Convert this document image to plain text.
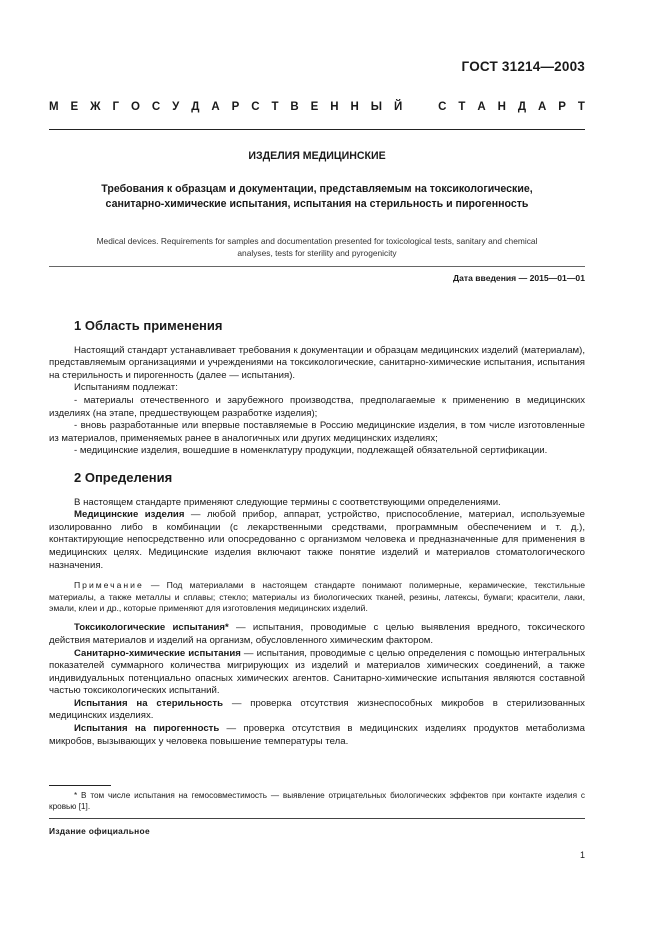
ГОСТ 31214—2003
М Е Ж Г О С У Д А Р С Т В Е Н Н Ы Й
	С Т А Н Д А Р Т
ИЗДЕЛИЯ МЕДИЦИНСКИЕ
Требования к образцам и документации, представляемым на токсикологические,
санитарно-химические испытания, испытания на стерильность и пирогенность
Medical devices. Requirements for samples and documentation presented for toxicological tests, sanitary and chemical
analyses, tests for sterility and pyrogenicity
Дата введения — 2015—01—01
1 Область применения

Настоящий стандарт устанавливает требования к документации и образцам медицинских изделий (материалам), представляемым организациями и учреждениями на токсикологические, санитарно-химические испытания, испытания на стерильность и пирогенность (далее — испытания).

Испытаниям подлежат:

- материалы отечественного и зарубежного производства, предполагаемые к применению в медицинских изделиях (на этапе, предшествующем разработке изделия);

- вновь разработанные или впервые поставляемые в Россию медицинские изделия, в том числе изготовленные из материалов, применяемых ранее в аналогичных или других медицинских изделиях;

- медицинские изделия, вошедшие в номенклатуру продукции, подлежащей обязательной сертификации.

2 Определения

В настоящем стандарте применяют следующие термины с соответствующими определениями.

Медицинские изделия — любой прибор, аппарат, устройство, приспособление, материал, используемые изолированно либо в комбинации (с лекарственными средствами, программным обеспечением и т. д.), контактирующие непосредственно или опосредованно с организмом человека и предназначенные для применения в медицинских целях. Медицинские изделия включают также понятие изделий и материалов стоматологического назначения.

Примечание — Под материалами в настоящем стандарте понимают полимерные, керамические, текстильные материалы, а также металлы и сплавы; стекло; материалы из биологических тканей, резины, латексы, бумаги; красители, лаки, эмали, клеи и др., которые применяют для изготовления медицинских изделий.

Токсикологические испытания* — испытания, проводимые с целью выявления вредного, токсического действия материалов и изделий на организм, обусловленного химическим фактором.

Санитарно-химические испытания — испытания, проводимые с целью определения с помощью интегральных показателей суммарного количества мигрирующих из изделий и материалов химических соединений, а также индивидуальных потенциально опасных химических агентов. Санитарно-химические испытания являются составной частью токсикологических испытаний.

Испытания на стерильность — проверка отсутствия жизнеспособных микробов в стерилизованных медицинских изделиях.

Испытания на пирогенность — проверка отсутствия в медицинских изделиях продуктов метаболизма микробов, вызывающих у человека повышение температуры тела.

* В том числе испытания на гемосовместимость — выявление отрицательных биологических эффектов при контакте изделия с кровью [1].
Издание официальное
1
